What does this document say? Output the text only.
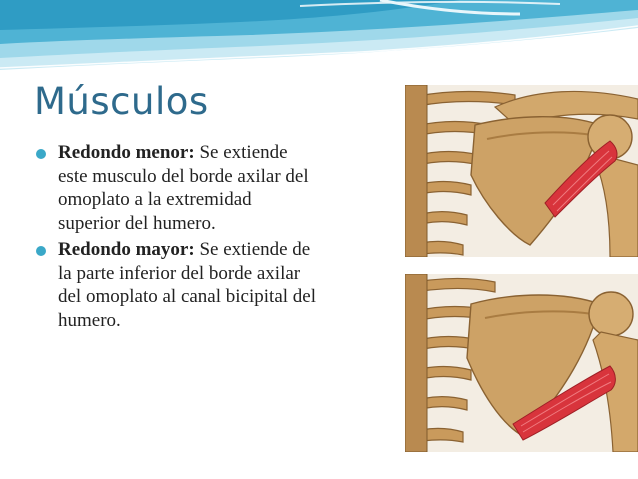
Músculos
Redondo menor: Se extiende este musculo del borde axilar del omoplato a la extremidad superior del humero.
Redondo mayor: Se extiende de la parte inferior del borde axilar del omoplato al canal bicipital del humero.
